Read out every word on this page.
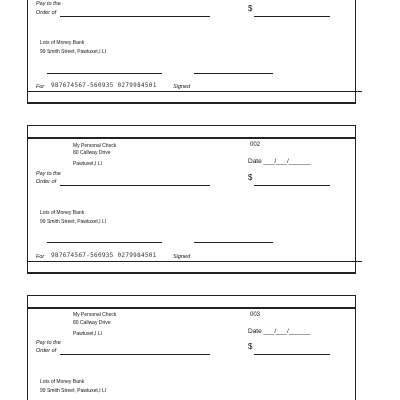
Pay to the
Order of	$
Lots of Money Bank
99 Smith Street, Pawtuxet,I LI
For 987674567-560935 0279984501	Signed
My Personal Check
80 Callway Drive
Pawtuxet,I LI
002
Date ___/___/______
Pay to the
Order of	$
Lots of Money Bank
99 Smith Street, Pawtuxet,I LI
For 987674567-560935 0279984501	Signed
My Personal Check
80 Callway Drive
Pawtuxet,I LI
003
Date ___/___/______
Pay to the
Order of	$
Lots of Money Bank
99 Smith Street, Pawtuxet,I LI
